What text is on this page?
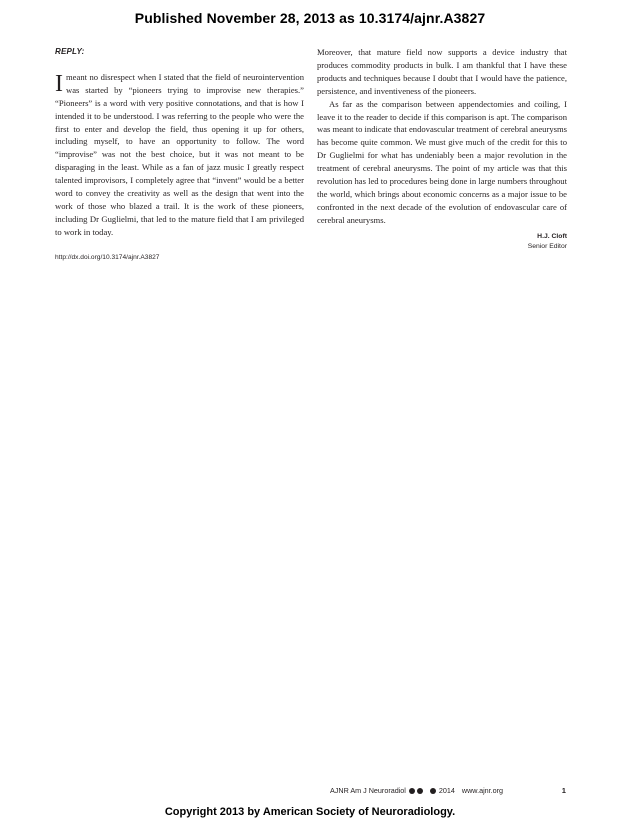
Published November 28, 2013 as 10.3174/ajnr.A3827
REPLY:

Imeant no disrespect when I stated that the field of neurointervention was started by “pioneers trying to improvise new therapies.” “Pioneers” is a word with very positive connotations, and that is how I intended it to be understood. I was referring to the people who were the first to enter and develop the field, thus opening it up for others, including myself, to have an opportunity to follow. The word “improvise” was not the best choice, but it was not meant to be disparaging in the least. While as a fan of jazz music I greatly respect talented improvisors, I completely agree that “invent” would be a better word to convey the creativity as well as the design that went into the work of those who blazed a trail. It is the work of these pioneers, including Dr Guglielmi, that led to the mature field that I am privileged to work in today.

http://dx.doi.org/10.3174/ajnr.A3827

Moreover, that mature field now supports a device industry that produces commodity products in bulk. I am thankful that I have these products and techniques because I doubt that I would have the patience, persistence, and inventiveness of the pioneers.

As far as the comparison between appendectomies and coiling, I leave it to the reader to decide if this comparison is apt. The comparison was meant to indicate that endovascular treatment of cerebral aneurysms has become quite common. We must give much of the credit for this to Dr Guglielmi for what has undeniably been a major revolution in the treatment of cerebral aneurysms. The point of my article was that this revolution has led to procedures being done in large numbers throughout the world, which brings about economic concerns as a major issue to be confronted in the next decade of the evolution of endovascular care of cerebral aneurysms.

H.J. Cloft
Senior Editor
AJNR Am J Neuroradiol	2014 www.ajnr.org	1
Copyright 2013 by American Society of Neuroradiology.
